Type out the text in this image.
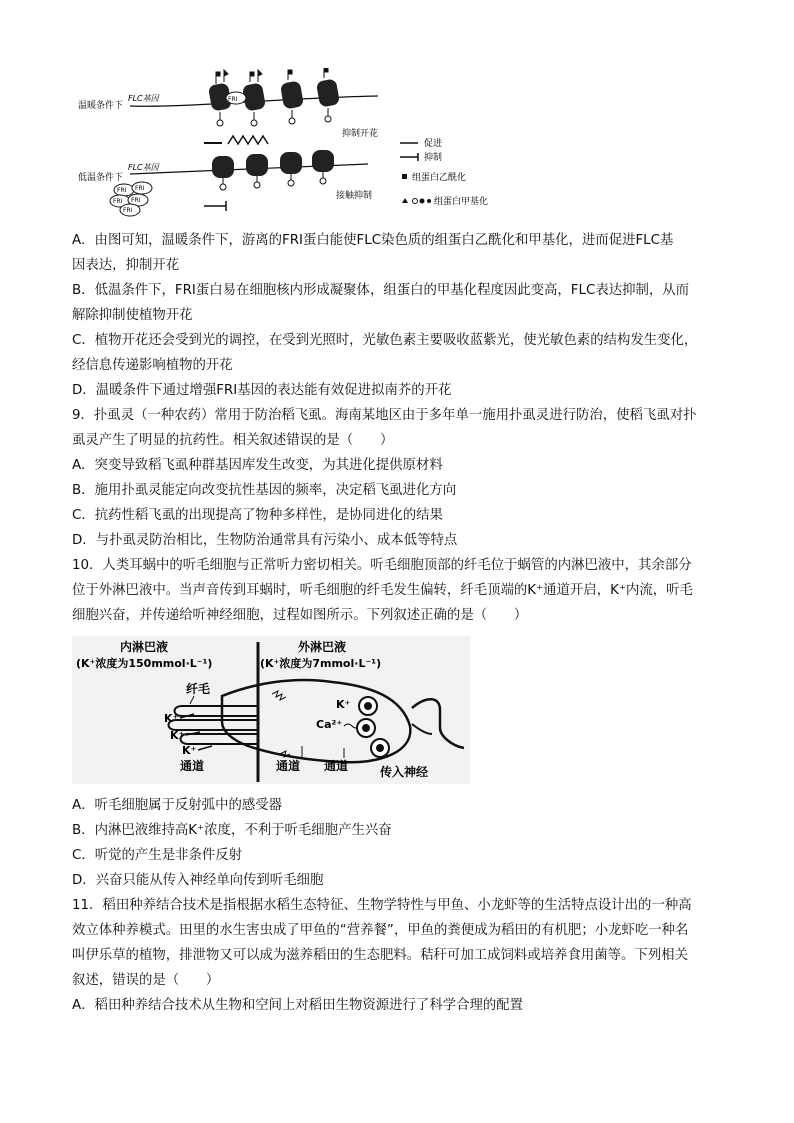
温暖条件下
FLC基因	FRI
抑制开花
低温条件下
FLC基因
FRI FRI
FRI FRI
FRI
接触抑制
促进
抑制
组蛋白乙酰化
组蛋白甲基化
A．由图可知，温暖条件下，游离的FRI蛋白能使FLC染色质的组蛋白乙酰化和甲基化，进而促进FLC基
因表达，抑制开花
B．低温条件下，FRI蛋白易在细胞核内形成凝聚体，组蛋白的甲基化程度因此变高，FLC表达抑制，从而
解除抑制使植物开花
C．植物开花还会受到光的调控，在受到光照时，光敏色素主要吸收蓝紫光，使光敏色素的结构发生变化，
经信息传递影响植物的开花
D．温暖条件下通过增强FRI基因的表达能有效促进拟南芥的开花
9．扑虱灵（一种农药）常用于防治稻飞虱。海南某地区由于多年单一施用扑虱灵进行防治，使稻飞虱对扑
虱灵产生了明显的抗药性。相关叙述错误的是（　　）
A．突变导致稻飞虱种群基因库发生改变，为其进化提供原材料
B．施用扑虱灵能定向改变抗性基因的频率，决定稻飞虱进化方向
C．抗药性稻飞虱的出现提高了物种多样性，是协同进化的结果
D．与扑虱灵防治相比，生物防治通常具有污染小、成本低等特点
10．人类耳蜗中的听毛细胞与正常听力密切相关。听毛细胞顶部的纤毛位于蜗管的内淋巴液中，其余部分
位于外淋巴液中。当声音传到耳蜗时，听毛细胞的纤毛发生偏转，纤毛顶端的K⁺通道开启，K⁺内流，听毛
细胞兴奋，并传递给听神经细胞，过程如图所示。下列叙述正确的是（　　）
内淋巴液
(K⁺浓度为150mmol·L⁻¹)
外淋巴液
(K⁺浓度为7mmol·L⁻¹)
纤毛
K⁺
K⁺
K⁺
通道	通道 通道
K⁺
Ca²⁺
传入神经
A．听毛细胞属于反射弧中的感受器
B．内淋巴液维持高K⁺浓度，不利于听毛细胞产生兴奋
C．听觉的产生是非条件反射
D．兴奋只能从传入神经单向传到听毛细胞
11．稻田种养结合技术是指根据水稻生态特征、生物学特性与甲鱼、小龙虾等的生活特点设计出的一种高
效立体种养模式。田里的水生害虫成了甲鱼的“营养餐”，甲鱼的粪便成为稻田的有机肥；小龙虾吃一种名
叫伊乐草的植物，排泄物又可以成为滋养稻田的生态肥料。秸秆可加工成饲料或培养食用菌等。下列相关
叙述，错误的是（　　）
A．稻田种养结合技术从生物和空间上对稻田生物资源进行了科学合理的配置
